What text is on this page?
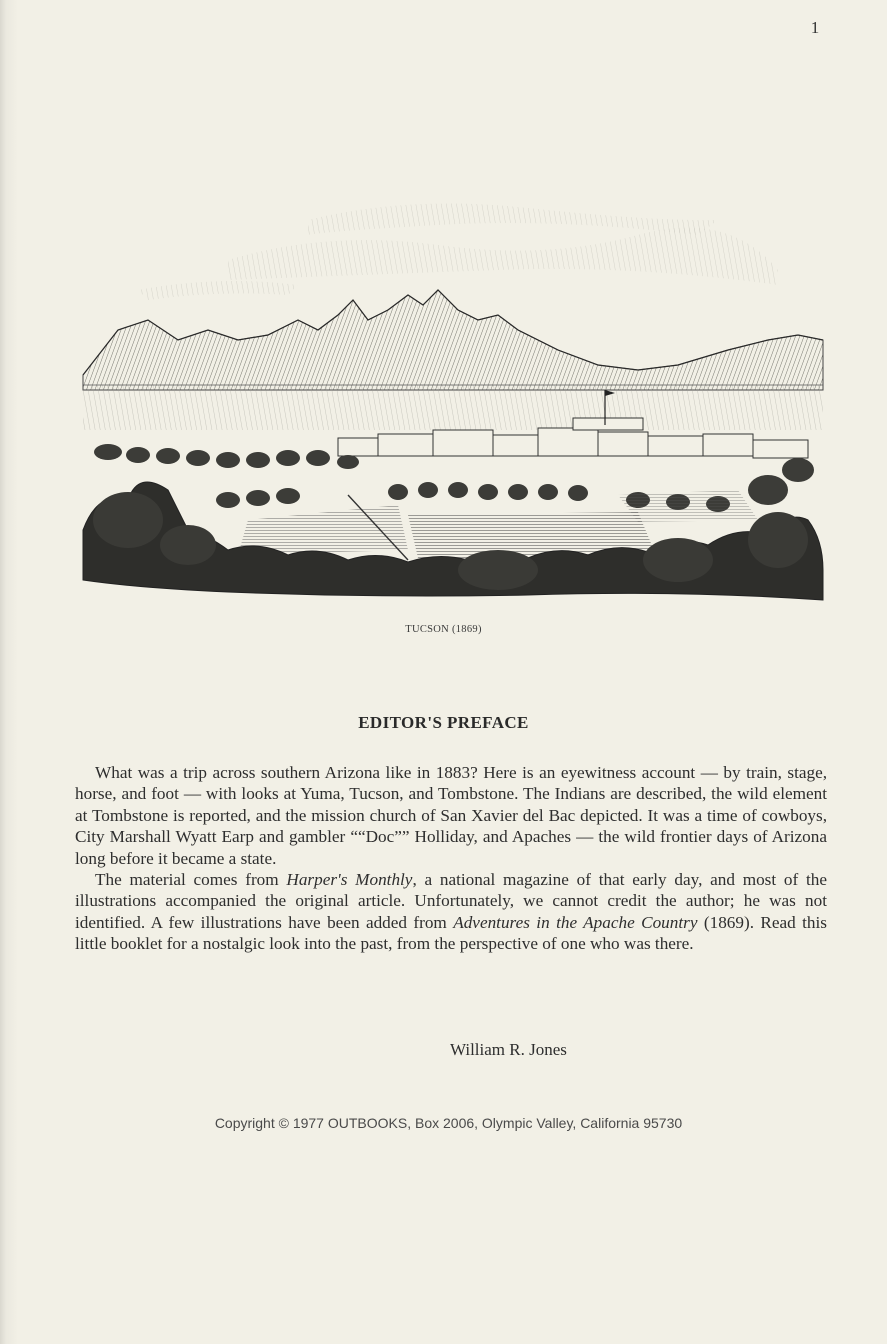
1
TUCSON (1869)
EDITOR'S PREFACE

What was a trip across southern Arizona like in 1883? Here is an eyewitness account — by train, stage, horse, and foot — with looks at Yuma, Tucson, and Tombstone. The Indians are described, the wild element at Tombstone is reported, and the mission church of San Xavier del Bac depicted. It was a time of cowboys, City Marshall Wyatt Earp and gambler ““Doc”” Holliday, and Apaches — the wild frontier days of Arizona long before it became a state.

The material comes from Harper's Monthly, a national magazine of that early day, and most of the illustrations accompanied the original article. Unfortunately, we cannot credit the author; he was not identified. A few illustrations have been added from Adventures in the Apache Country (1869). Read this little booklet for a nostalgic look into the past, from the perspective of one who was there.

William R. Jones
Copyright © 1977 OUTBOOKS, Box 2006, Olympic Valley, California 95730
